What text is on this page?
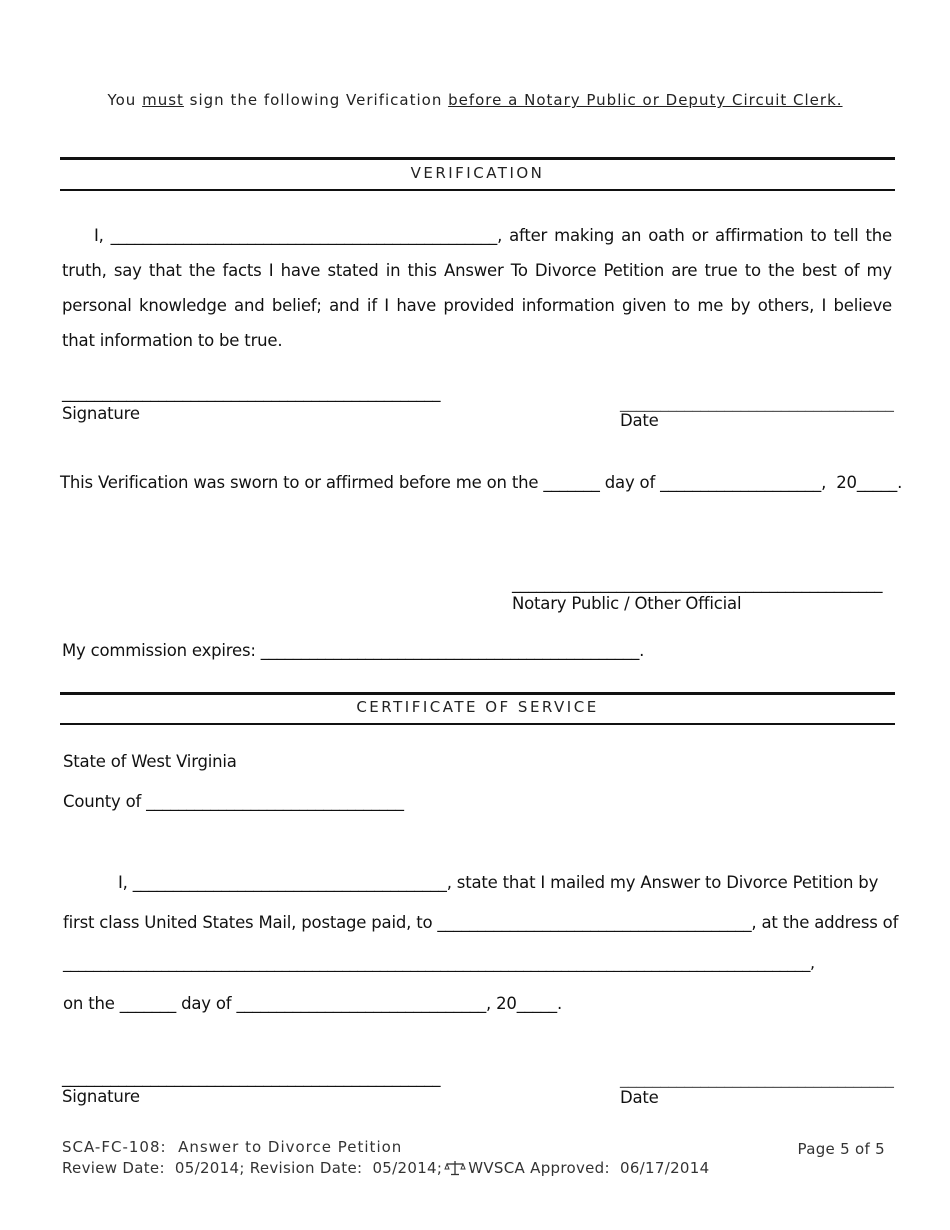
You must sign the following Verification before a Notary Public or Deputy Circuit Clerk.
VERIFICATION
I, ________________________________________________, after making an oath or affirmation to tell the truth, say that the facts I have stated in this Answer To Divorce Petition are true to the best of my personal knowledge and belief; and if I have provided information given to me by others, I believe that information to be true.
_______________________________________________
Signature
__________________________________
Date
This Verification was sworn to or affirmed before me on the _______ day of ____________________,  20_____.
______________________________________________
Notary Public / Other Official
My commission expires: _______________________________________________.
CERTIFICATE OF SERVICE
State of West Virginia
County of ________________________________
I, _______________________________________, state that I mailed my Answer to Divorce Petition by
first class United States Mail, postage paid, to _______________________________________, at the address of
___________________________________________________________________________________________________,
on the _______ day of _______________________________, 20_____.
_______________________________________________
Signature
__________________________________
Date
SCA-FC-108:  Answer to Divorce Petition
Review Date:  05/2014; Revision Date:  05/2014; WVSCA Approved:  06/17/2014
Page 5 of 5
